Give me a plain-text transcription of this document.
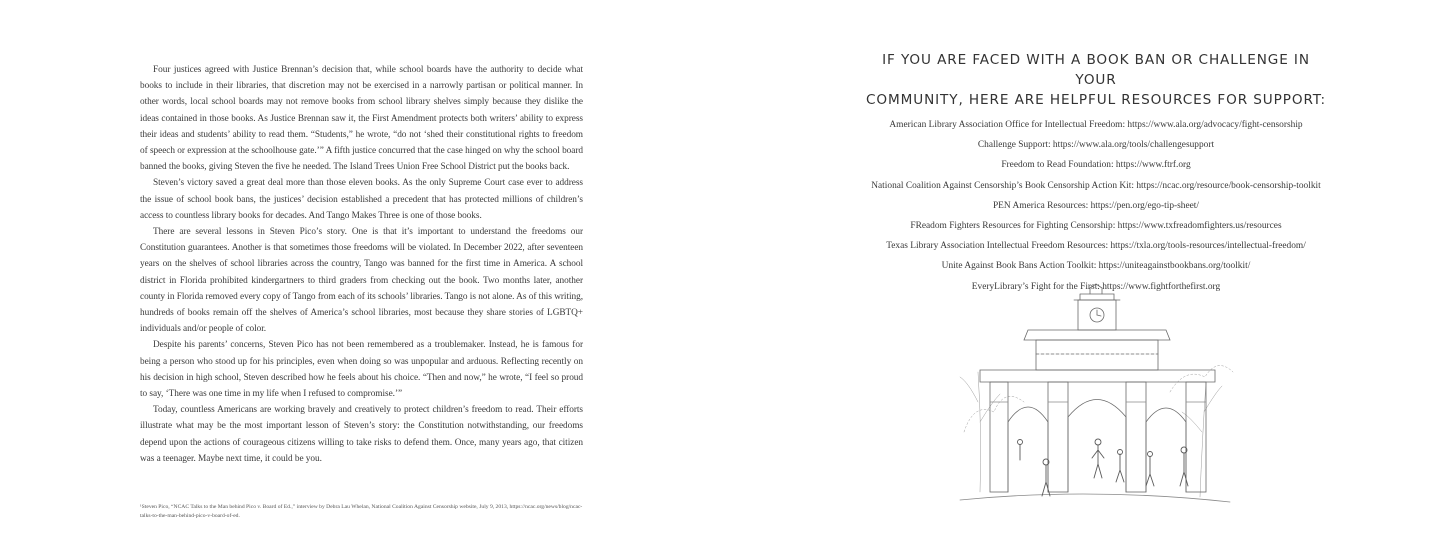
Four justices agreed with Justice Brennan’s decision that, while school boards have the authority to decide what books to include in their libraries, that discretion may not be exercised in a narrowly partisan or political manner. In other words, local school boards may not remove books from school library shelves simply because they dislike the ideas contained in those books. As Justice Brennan saw it, the First Amendment protects both writers’ ability to express their ideas and students’ ability to read them. “Students,” he wrote, “do not ‘shed their constitutional rights to freedom of speech or expression at the schoolhouse gate.’” A fifth justice concurred that the case hinged on why the school board banned the books, giving Steven the five he needed. The Island Trees Union Free School District put the books back.

Steven’s victory saved a great deal more than those eleven books. As the only Supreme Court case ever to address the issue of school book bans, the justices’ decision established a precedent that has protected millions of children’s access to countless library books for decades. And Tango Makes Three is one of those books.

There are several lessons in Steven Pico’s story. One is that it’s important to understand the freedoms our Constitution guarantees. Another is that sometimes those freedoms will be violated. In December 2022, after seventeen years on the shelves of school libraries across the country, Tango was banned for the first time in America. A school district in Florida prohibited kindergartners to third graders from checking out the book. Two months later, another county in Florida removed every copy of Tango from each of its schools’ libraries. Tango is not alone. As of this writing, hundreds of books remain off the shelves of America’s school libraries, most because they share stories of LGBTQ+ individuals and/or people of color.

Despite his parents’ concerns, Steven Pico has not been remembered as a troublemaker. Instead, he is famous for being a person who stood up for his principles, even when doing so was unpopular and arduous. Reflecting recently on his decision in high school, Steven described how he feels about his choice. “Then and now,” he wrote, “I feel so proud to say, ‘There was one time in my life when I refused to compromise.’”

Today, countless Americans are working bravely and creatively to protect children’s freedom to read. Their efforts illustrate what may be the most important lesson of Steven’s story: the Constitution notwithstanding, our freedoms depend upon the actions of courageous citizens willing to take risks to defend them. Once, many years ago, that citizen was a teenager. Maybe next time, it could be you.

¹Steven Pico, “NCAC Talks to the Man behind Pico v. Board of Ed.,” interview by Debra Lau Whelan, National Coalition Against Censorship website, July 9, 2013, https://ncac.org/news/blog/ncac-talks-to-the-man-behind-pico-v-board-of-ed.
IF YOU ARE FACED WITH A BOOK BAN OR CHALLENGE IN YOUR
COMMUNITY, HERE ARE HELPFUL RESOURCES FOR SUPPORT:
American Library Association Office for Intellectual Freedom: https://www.ala.org/advocacy/fight-censorship
Challenge Support: https://www.ala.org/tools/challengesupport
Freedom to Read Foundation: https://www.ftrf.org
National Coalition Against Censorship’s Book Censorship Action Kit: https://ncac.org/resource/book-censorship-toolkit
PEN America Resources: https://pen.org/ego-tip-sheet/
FReadom Fighters Resources for Fighting Censorship: https://www.txfreadomfighters.us/resources
Texas Library Association Intellectual Freedom Resources: https://txla.org/tools-resources/intellectual-freedom/
Unite Against Book Bans Action Toolkit: https://uniteagainstbookbans.org/toolkit/
EveryLibrary’s Fight for the First: https://www.fightforthefirst.org
